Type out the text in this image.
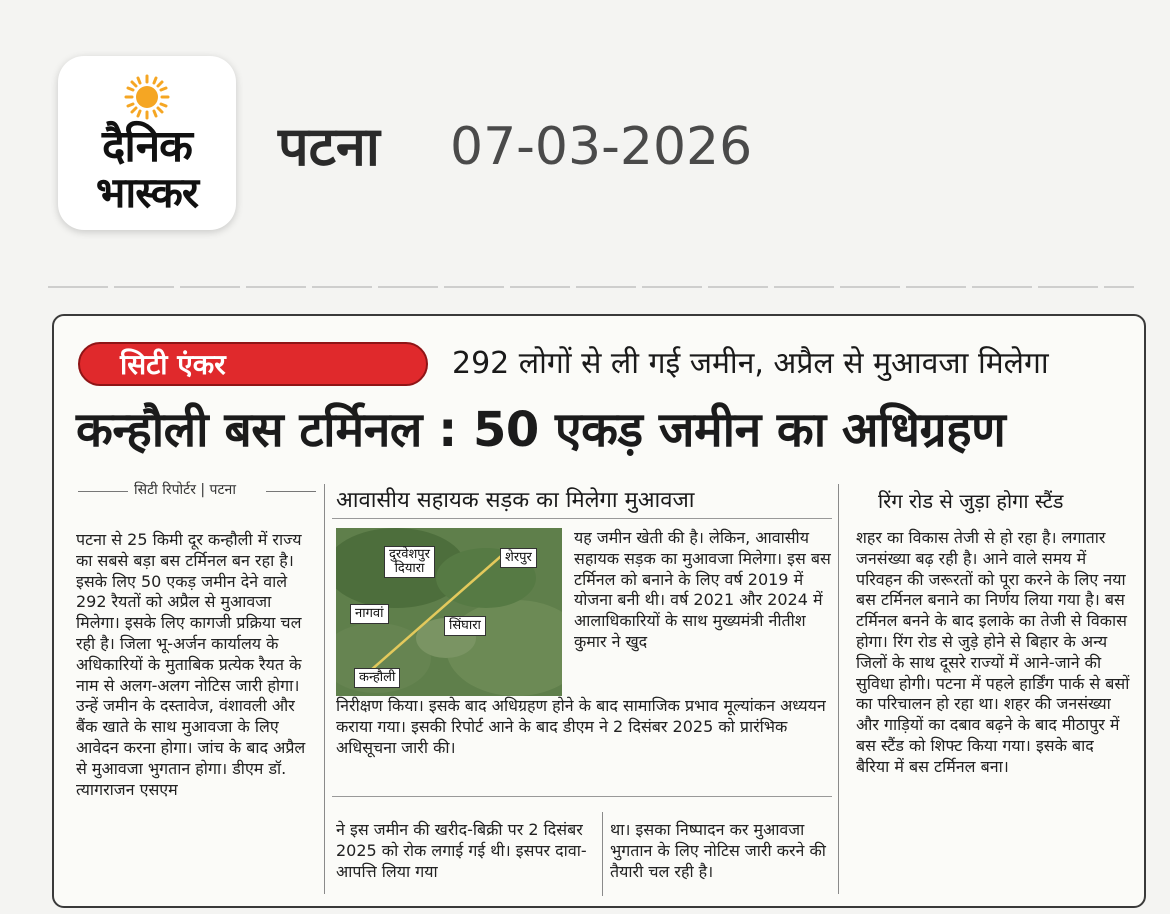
दैनिक
भास्कर
पटना 07-03-2026
सिटी एंकर	292 लोगों से ली गई जमीन, अप्रैल से मुआवजा मिलेगा
कन्हौली बस टर्मिनल : 50 एकड़ जमीन का अधिग्रहण
सिटी रिपोर्टर | पटना

पटना से 25 किमी दूर कन्हौली में राज्य का सबसे बड़ा बस टर्मिनल बन रहा है। इसके लिए 50 एकड़ जमीन देने वाले 292 रैयतों को अप्रैल से मुआवजा मिलेगा। इसके लिए कागजी प्रक्रिया चल रही है। जिला भू-अर्जन कार्यालय के अधिकारियों के मुताबिक प्रत्येक रैयत के नाम से अलग-अलग नोटिस जारी होगा। उन्हें जमीन के दस्तावेज, वंशावली और बैंक खाते के साथ मुआवजा के लिए आवेदन करना होगा। जांच के बाद अप्रैल से मुआवजा भुगतान होगा। डीएम डॉ. त्यागराजन एसएम

आवासीय सहायक सड़क का मिलेगा मुआवजा
दुरवेशपुर
दियारा
शेरपुर
नागवां
सिंघारा
कन्हौली

यह जमीन खेती की है। लेकिन, आवासीय सहायक सड़क का मुआवजा मिलेगा। इस बस टर्मिनल को बनाने के लिए वर्ष 2019 में योजना बनी थी। वर्ष 2021 और 2024 में आलाधिकारियों के साथ मुख्यमंत्री नीतीश कुमार ने खुद

निरीक्षण किया। इसके बाद अधिग्रहण होने के बाद सामाजिक प्रभाव मूल्यांकन अध्ययन कराया गया। इसकी रिपोर्ट आने के बाद डीएम ने 2 दिसंबर 2025 को प्रारंभिक अधिसूचना जारी की।

ने इस जमीन की खरीद-बिक्री पर 2 दिसंबर 2025 को रोक लगाई गई थी। इसपर दावा-आपत्ति लिया गया

था। इसका निष्पादन कर मुआवजा भुगतान के लिए नोटिस जारी करने की तैयारी चल रही है।

रिंग रोड से जुड़ा होगा स्टैंड

शहर का विकास तेजी से हो रहा है। लगातार जनसंख्या बढ़ रही है। आने वाले समय में परिवहन की जरूरतों को पूरा करने के लिए नया बस टर्मिनल बनाने का निर्णय लिया गया है। बस टर्मिनल बनने के बाद इलाके का तेजी से विकास होगा। रिंग रोड से जुड़े होने से बिहार के अन्य जिलों के साथ दूसरे राज्यों में आने-जाने की सुविधा होगी। पटना में पहले हार्डिंग पार्क से बसों का परिचालन हो रहा था। शहर की जनसंख्या और गाड़ियों का दबाव बढ़ने के बाद मीठापुर में बस स्टैंड को शिफ्ट किया गया। इसके बाद बैरिया में बस टर्मिनल बना।
